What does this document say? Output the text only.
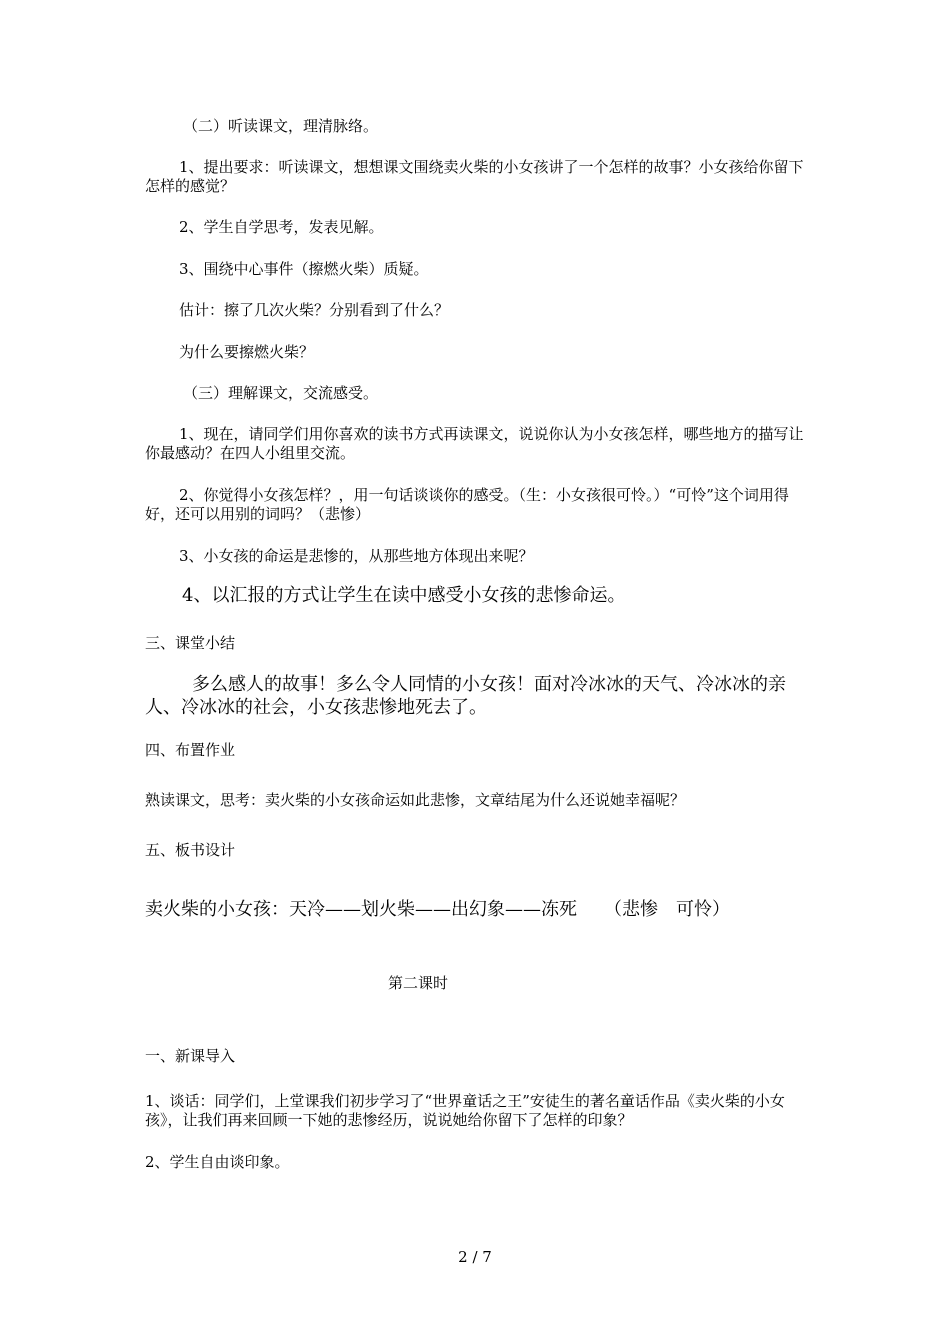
（二）听读课文，理清脉络。

1、提出要求：听读课文，想想课文围绕卖火柴的小女孩讲了一个怎样的故事？小女孩给你留下怎样的感觉？

2、学生自学思考，发表见解。

3、围绕中心事件（擦燃火柴）质疑。

估计：擦了几次火柴？分别看到了什么？

为什么要擦燃火柴？

（三）理解课文，交流感受。

1、现在，请同学们用你喜欢的读书方式再读课文，说说你认为小女孩怎样，哪些地方的描写让你最感动？在四人小组里交流。

2、你觉得小女孩怎样？，用一句话谈谈你的感受。（生：小女孩很可怜。）“可怜”这个词用得好，还可以用别的词吗？（悲惨）

3、小女孩的命运是悲惨的，从那些地方体现出来呢？

4、以汇报的方式让学生在读中感受小女孩的悲惨命运。

三、课堂小结

多么感人的故事！多么令人同情的小女孩！面对冷冰冰的天气、冷冰冰的亲人、冷冰冰的社会，小女孩悲惨地死去了。

四、布置作业

熟读课文，思考：卖火柴的小女孩命运如此悲惨，文章结尾为什么还说她幸福呢？

五、板书设计

卖火柴的小女孩：天冷——划火柴——出幻象——冻死　　（悲惨　可怜）

第二课时

一、新课导入

1、谈话：同学们，上堂课我们初步学习了“世界童话之王”安徒生的著名童话作品《卖火柴的小女孩》，让我们再来回顾一下她的悲惨经历，说说她给你留下了怎样的印象？

2、学生自由谈印象。

2 / 7
